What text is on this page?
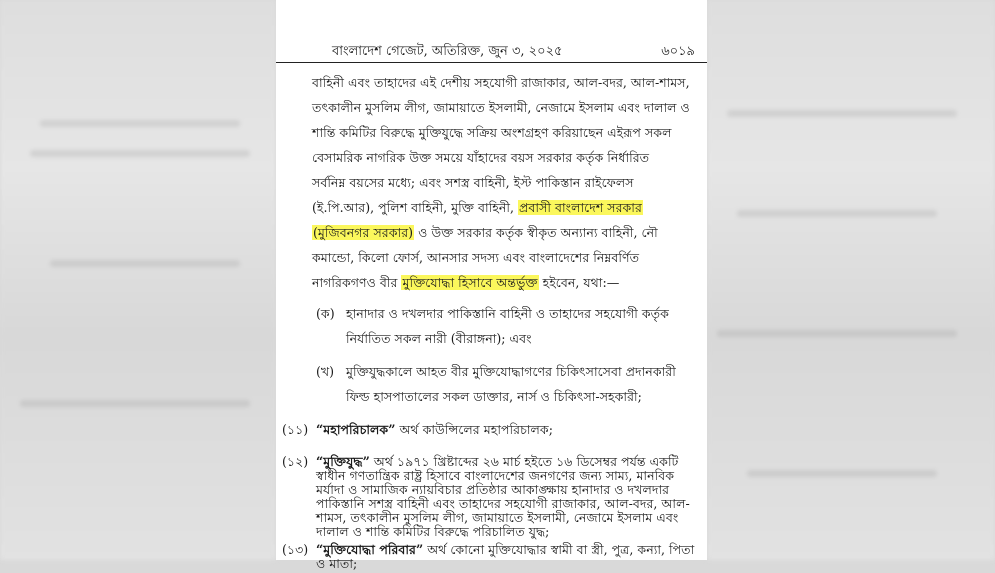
বাংলাদেশ গেজেট, অতিরিক্ত, জুন ৩, ২০২৫	৬০১৯
বাহিনী এবং তাহাদের এই দেশীয় সহযোগী রাজাকার, আল-বদর, আল-শামস,
তৎকালীন মুসলিম লীগ, জামায়াতে ইসলামী, নেজামে ইসলাম এবং দালাল ও
শান্তি কমিটির বিরুদ্ধে মুক্তিযুদ্ধে সক্রিয় অংশগ্রহণ করিয়াছেন এইরূপ সকল
বেসামরিক নাগরিক উক্ত সময়ে যাঁহাদের বয়স সরকার কর্তৃক নির্ধারিত
সর্বনিম্ন বয়সের মধ্যে; এবং সশস্ত্র বাহিনী, ইস্ট পাকিস্তান রাইফেলস
(ই.পি.আর), পুলিশ বাহিনী, মুক্তি বাহিনী, প্রবাসী বাংলাদেশ সরকার
(মুজিবনগর সরকার) ও উক্ত সরকার কর্তৃক স্বীকৃত অন্যান্য বাহিনী, নৌ
কমান্ডো, কিলো ফোর্স, আনসার সদস্য এবং বাংলাদেশের নিম্নবর্ণিত
নাগরিকগণও বীর মুক্তিযোদ্ধা হিসাবে অন্তর্ভুক্ত হইবেন, যথা:—
(ক) হানাদার ও দখলদার পাকিস্তানি বাহিনী ও তাহাদের সহযোগী কর্তৃক
নির্যাতিত সকল নারী (বীরাঙ্গনা); এবং
(খ) মুক্তিযুদ্ধকালে আহত বীর মুক্তিযোদ্ধাগণের চিকিৎসাসেবা প্রদানকারী
ফিল্ড হাসপাতালের সকল ডাক্তার, নার্স ও চিকিৎসা-সহকারী;
(১১) “মহাপরিচালক” অর্থ কাউন্সিলের মহাপরিচালক;
(১২) “মুক্তিযুদ্ধ” অর্থ ১৯৭১ খ্রিষ্টাব্দের ২৬ মার্চ হইতে ১৬ ডিসেম্বর পর্যন্ত একটি
স্বাধীন গণতান্ত্রিক রাষ্ট্র হিসাবে বাংলাদেশের জনগণের জন্য সাম্য, মানবিক
মর্যাদা ও সামাজিক ন্যায়বিচার প্রতিষ্ঠার আকাঙ্ক্ষায় হানাদার ও দখলদার
পাকিস্তানি সশস্ত্র বাহিনী এবং তাহাদের সহযোগী রাজাকার, আল-বদর, আল-
শামস, তৎকালীন মুসলিম লীগ, জামায়াতে ইসলামী, নেজামে ইসলাম এবং
দালাল ও শান্তি কমিটির বিরুদ্ধে পরিচালিত যুদ্ধ;
(১৩) “মুক্তিযোদ্ধা পরিবার” অর্থ কোনো মুক্তিযোদ্ধার স্বামী বা স্ত্রী, পুত্র, কন্যা, পিতা
ও মাতা;
